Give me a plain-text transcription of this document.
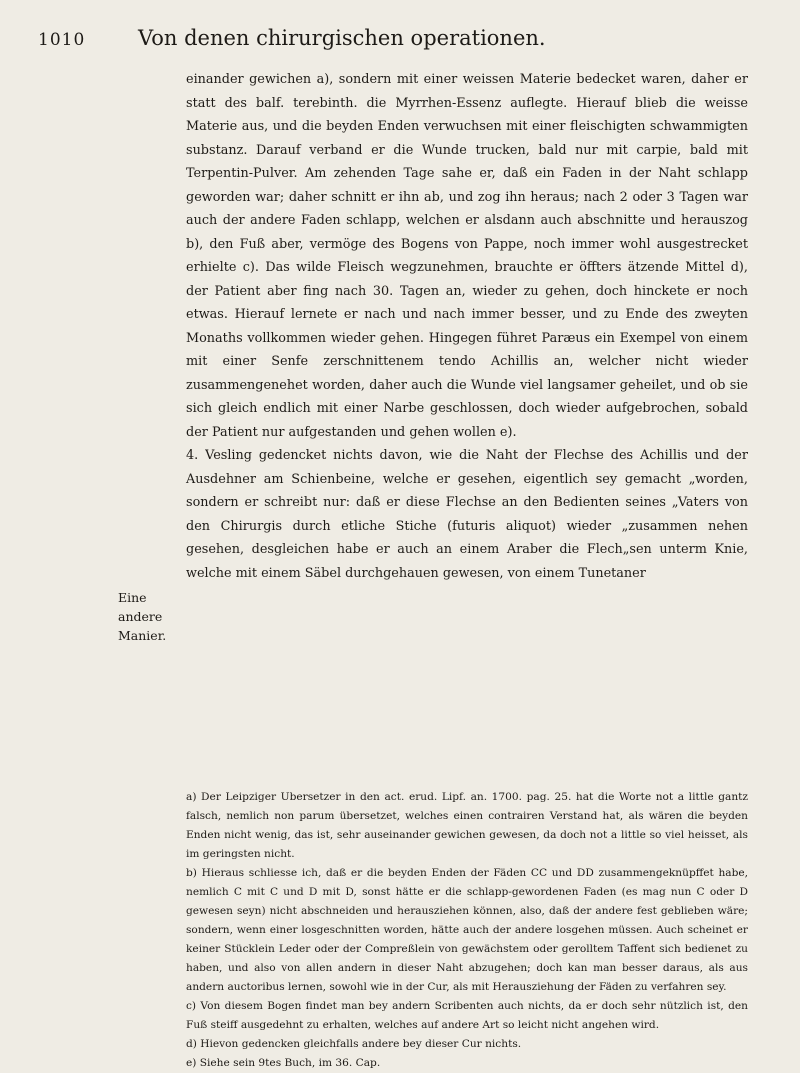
1010	Von denen chirurgischen operationen.

einander gewichen a), sondern mit einer weissen Materie bedecket waren, daher er statt des balf. terebinth. die Myrrhen-Essenz auflegte. Hierauf blieb die weisse Materie aus, und die beyden Enden verwuchsen mit einer fleischigten schwammigten substanz. Darauf verband er die Wunde trucken, bald nur mit carpie, bald mit Terpentin-Pulver. Am zehenden Tage sahe er, daß ein Faden in der Naht schlapp geworden war; daher schnitt er ihn ab, und zog ihn heraus; nach 2 oder 3 Tagen war auch der andere Faden schlapp, welchen er alsdann auch abschnitte und herauszog b), den Fuß aber, vermöge des Bogens von Pappe, noch immer wohl ausgestrecket erhielte c). Das wilde Fleisch wegzunehmen, brauchte er öffters ätzende Mittel d), der Patient aber fing nach 30. Tagen an, wieder zu gehen, doch hinckete er noch etwas. Hierauf lernete er nach und nach immer besser, und zu Ende des zweyten Monaths vollkommen wieder gehen. Hingegen führet Paræus ein Exempel von einem mit einer Senfe zerschnittenem tendo Achillis an, welcher nicht wieder zusammengenehet worden, daher auch die Wunde viel langsamer geheilet, und ob sie sich gleich endlich mit einer Narbe geschlossen, doch wieder aufgebrochen, sobald der Patient nur aufgestanden und gehen wollen e).

4. Vesling gedencket nichts davon, wie die Naht der Flechse des Achillis und der Ausdehner am Schienbeine, welche er gesehen, eigentlich sey gemacht „worden, sondern er schreibt nur: daß er diese Flechse an den Bedienten seines „Vaters von den Chirurgis durch etliche Stiche (futuris aliquot) wieder „zusammen nehen gesehen, desgleichen habe er auch an einem Araber die Flech„sen unterm Knie, welche mit einem Säbel durchgehauen gewesen, von einem Tunetaner

Eine andere Manier.

a) Der Leipziger Ubersetzer in den act. erud. Lipf. an. 1700. pag. 25. hat die Worte not a little gantz falsch, nemlich non parum übersetzet, welches einen contrairen Verstand hat, als wären die beyden Enden nicht wenig, das ist, sehr auseinander gewichen gewesen, da doch not a little so viel heisset, als im geringsten nicht.

b) Hieraus schliesse ich, daß er die beyden Enden der Fäden CC und DD zusammengeknüpffet habe, nemlich C mit C und D mit D, sonst hätte er die schlapp-gewordenen Faden (es mag nun C oder D gewesen seyn) nicht abschneiden und herausziehen können, also, daß der andere fest geblieben wäre; sondern, wenn einer losgeschnitten worden, hätte auch der andere losgehen müssen. Auch scheinet er keiner Stücklein Leder oder der Compreßlein von gewächstem oder gerolltem Taffent sich bedienet zu haben, und also von allen andern in dieser Naht abzugehen; doch kan man besser daraus, als aus andern auctoribus lernen, sowohl wie in der Cur, als mit Herausziehung der Fäden zu verfahren sey.

c) Von diesem Bogen findet man bey andern Scribenten auch nichts, da er doch sehr nützlich ist, den Fuß steiff ausgedehnt zu erhalten, welches auf andere Art so leicht nicht angehen wird.

d) Hievon gedencken gleichfalls andere bey dieser Cur nichts.

e) Siehe sein 9tes Buch, im 36. Cap.
